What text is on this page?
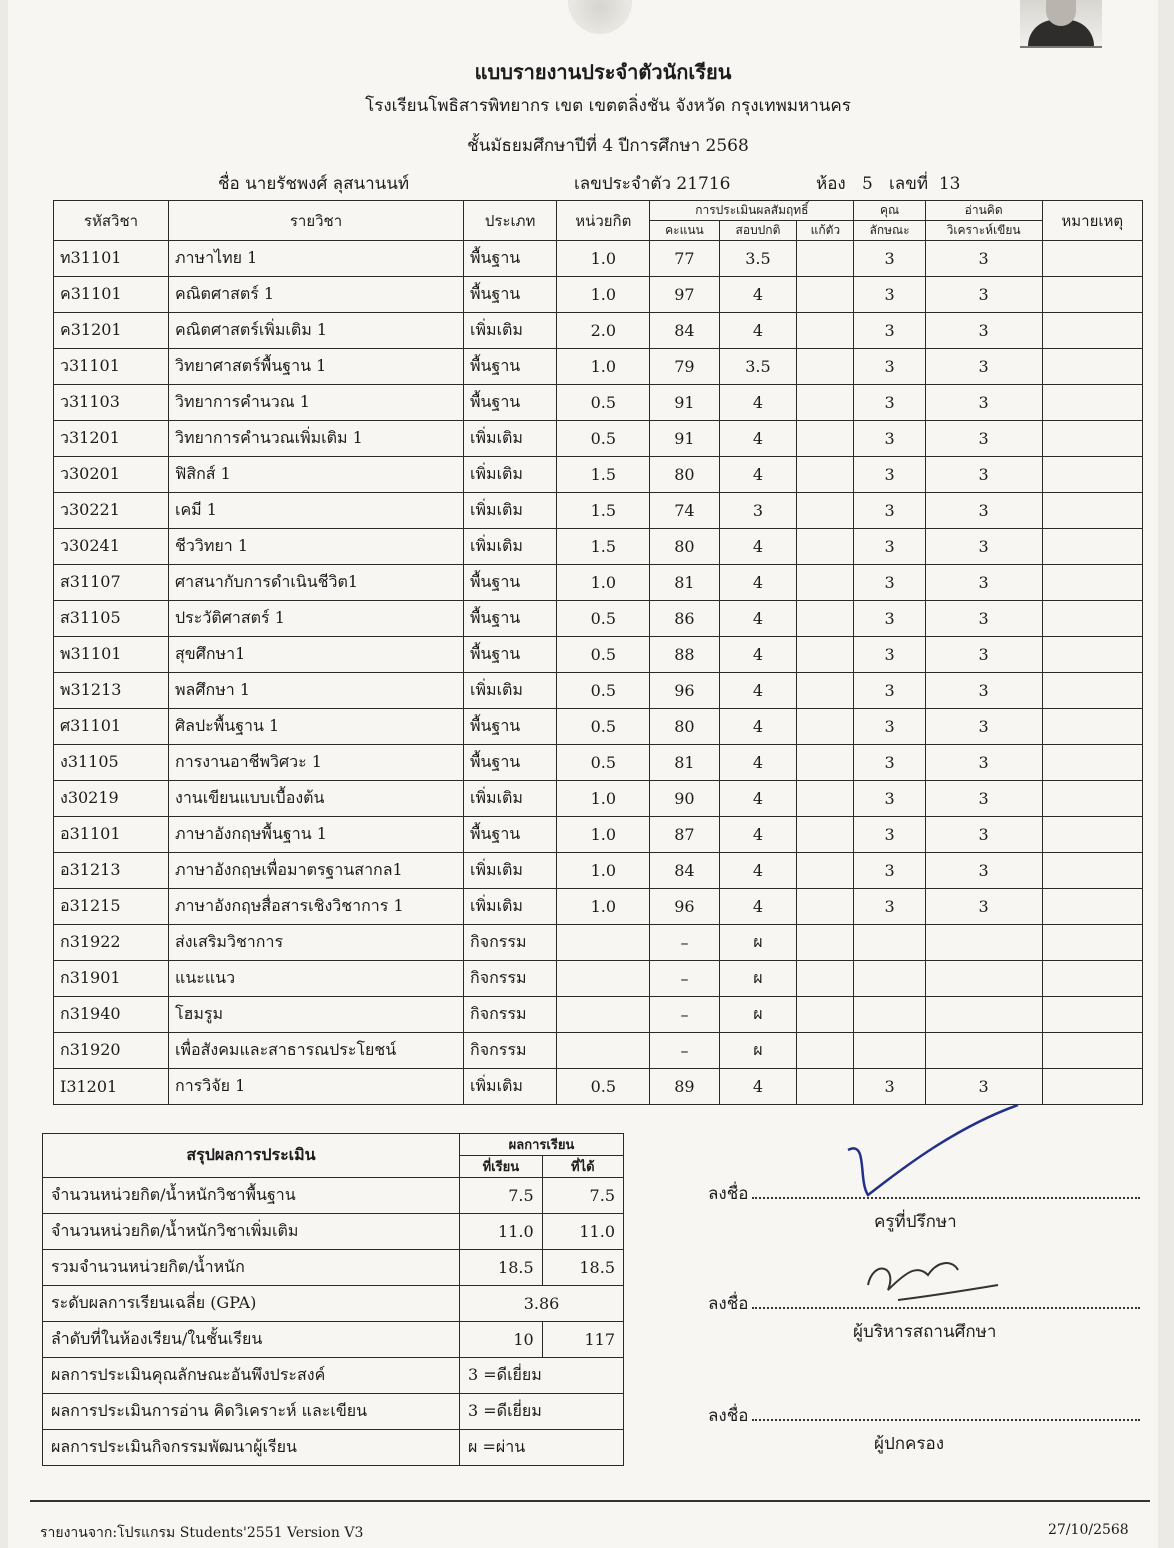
แบบรายงานประจำตัวนักเรียน
โรงเรียนโพธิสารพิทยากร เขต เขตตลิ่งชัน จังหวัด กรุงเทพมหานคร
ชั้นมัธยมศึกษาปีที่ 4 ปีการศึกษา 2568
ชื่อ นายรัชพงศ์ ลุสนานนท์	เลขประจำตัว 21716	ห้อง 5 เลขที่ 13
รหัสวิชา	รายวิชา	ประเภท	หน่วยกิต	การประเมินผลสัมฤทธิ์			คุณ	อ่านคิด	หมายเหตุ
				คะแนน	สอบปกติ	แก้ตัว	ลักษณะ	วิเคราะห์เขียน	
ท31101	ภาษาไทย 1	พื้นฐาน	1.0	77	3.5		3	3	
ค31101	คณิตศาสตร์ 1	พื้นฐาน	1.0	97	4		3	3	
ค31201	คณิตศาสตร์เพิ่มเติม 1	เพิ่มเติม	2.0	84	4		3	3	
ว31101	วิทยาศาสตร์พื้นฐาน 1	พื้นฐาน	1.0	79	3.5		3	3	
ว31103	วิทยาการคำนวณ 1	พื้นฐาน	0.5	91	4		3	3	
ว31201	วิทยาการคำนวณเพิ่มเติม 1	เพิ่มเติม	0.5	91	4		3	3	
ว30201	ฟิสิกส์ 1	เพิ่มเติม	1.5	80	4		3	3	
ว30221	เคมี 1	เพิ่มเติม	1.5	74	3		3	3	
ว30241	ชีววิทยา 1	เพิ่มเติม	1.5	80	4		3	3	
ส31107	ศาสนากับการดำเนินชีวิต1	พื้นฐาน	1.0	81	4		3	3	
ส31105	ประวัติศาสตร์ 1	พื้นฐาน	0.5	86	4		3	3	
พ31101	สุขศึกษา1	พื้นฐาน	0.5	88	4		3	3	
พ31213	พลศึกษา 1	เพิ่มเติม	0.5	96	4		3	3	
ศ31101	ศิลปะพื้นฐาน 1	พื้นฐาน	0.5	80	4		3	3	
ง31105	การงานอาชีพวิศวะ 1	พื้นฐาน	0.5	81	4		3	3	
ง30219	งานเขียนแบบเบื้องต้น	เพิ่มเติม	1.0	90	4		3	3	
อ31101	ภาษาอังกฤษพื้นฐาน 1	พื้นฐาน	1.0	87	4		3	3	
อ31213	ภาษาอังกฤษเพื่อมาตรฐานสากล1	เพิ่มเติม	1.0	84	4		3	3	
อ31215	ภาษาอังกฤษสื่อสารเชิงวิชาการ 1	เพิ่มเติม	1.0	96	4		3	3	
ก31922	ส่งเสริมวิชาการ	กิจกรรม		–	ผ				
ก31901	แนะแนว	กิจกรรม		–	ผ				
ก31940	โฮมรูม	กิจกรรม		–	ผ				
ก31920	เพื่อสังคมและสาธารณประโยชน์	กิจกรรม		–	ผ				
I31201	การวิจัย 1	เพิ่มเติม	0.5	89	4		3	3	
สรุปผลการประเมิน	ผลการเรียน	
	ที่เรียน	ที่ได้
จำนวนหน่วยกิต/น้ำหนักวิชาพื้นฐาน	7.5	7.5
จำนวนหน่วยกิต/น้ำหนักวิชาเพิ่มเติม	11.0	11.0
รวมจำนวนหน่วยกิต/น้ำหนัก	18.5	18.5
ระดับผลการเรียนเฉลี่ย (GPA)	3.86	
ลำดับที่ในห้องเรียน/ในชั้นเรียน	10	117
ผลการประเมินคุณลักษณะอันพึงประสงค์	3 =ดีเยี่ยม	
ผลการประเมินการอ่าน คิดวิเคราะห์ และเขียน	3 =ดีเยี่ยม	
ผลการประเมินกิจกรรมพัฒนาผู้เรียน	ผ =ผ่าน	
ลงชื่อ
ครูที่ปรึกษา
ลงชื่อ
ผู้บริหารสถานศึกษา
ลงชื่อ
ผู้ปกครอง
รายงานจาก:โปรแกรม Students'2551 Version V3	27/10/2568
